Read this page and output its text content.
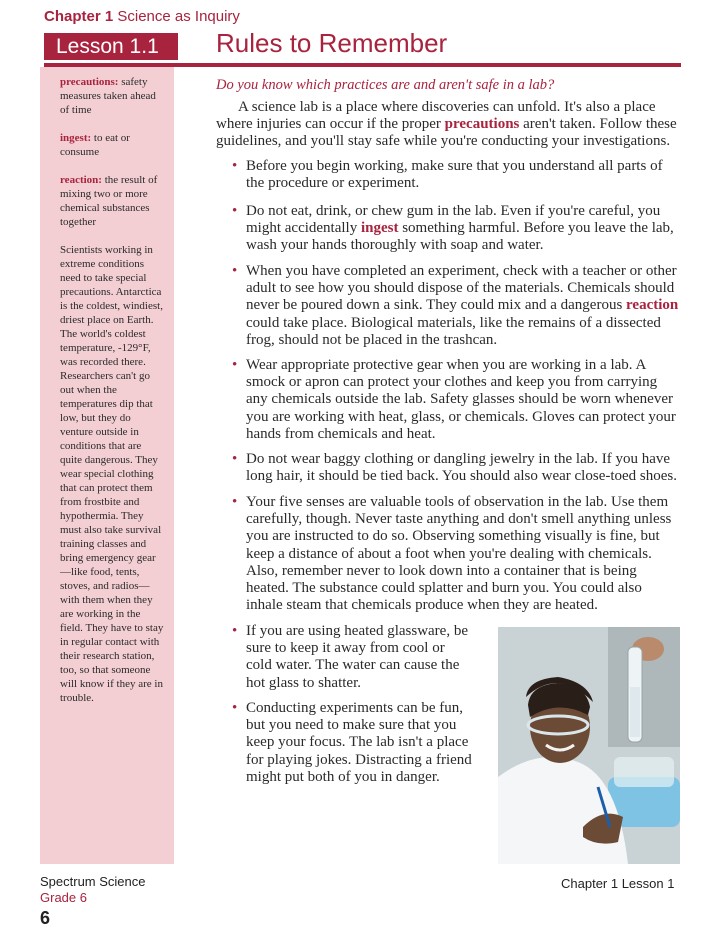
Chapter 1 Science as Inquiry
Lesson 1.1	Rules to Remember
precautions: safety measures taken ahead of time
ingest: to eat or consume
reaction: the result of mixing two or more chemical substances together
Scientists working in extreme conditions need to take special precautions. Antarctica is the coldest, windiest, driest place on Earth. The world's coldest temperature, -129°F, was recorded there. Researchers can't go out when the temperatures dip that low, but they do venture outside in conditions that are quite dangerous. They wear special clothing that can protect them from frostbite and hypothermia. They must also take survival training classes and bring emergency gear—like food, tents, stoves, and radios—with them when they are working in the field. They have to stay in regular contact with their research station, too, so that someone will know if they are in trouble.
Do you know which practices are and aren't safe in a lab?

A science lab is a place where discoveries can unfold. It's also a place where injuries can occur if the proper precautions aren't taken. Follow these guidelines, and you'll stay safe while you're conducting your investigations.

• Before you begin working, make sure that you understand all parts of the procedure or experiment.
• Do not eat, drink, or chew gum in the lab. Even if you're careful, you might accidentally ingest something harmful. Before you leave the lab, wash your hands thoroughly with soap and water.
• When you have completed an experiment, check with a teacher or other adult to see how you should dispose of the materials. Chemicals should never be poured down a sink. They could mix and a dangerous reaction could take place. Biological materials, like the remains of a dissected frog, should not be placed in the trashcan.
• Wear appropriate protective gear when you are working in a lab. A smock or apron can protect your clothes and keep you from carrying any chemicals outside the lab. Safety glasses should be worn whenever you are working with heat, glass, or chemicals. Gloves can protect your hands from chemicals and heat.
• Do not wear baggy clothing or dangling jewelry in the lab. If you have long hair, it should be tied back. You should also wear close-toed shoes.
• Your five senses are valuable tools of observation in the lab. Use them carefully, though. Never taste anything and don't smell anything unless you are instructed to do so. Observing something visually is fine, but keep a distance of about a foot when you're dealing with chemicals. Also, remember never to look down into a container that is being heated. The substance could splatter and burn you. You could also inhale steam that chemicals produce when they are heated.
• If you are using heated glassware, be sure to keep it away from cool or cold water. The water can cause the hot glass to shatter.
• Conducting experiments can be fun, but you need to make sure that you keep your focus. The lab isn't a place for playing jokes. Distracting a friend might put both of you in danger.
Spectrum Science
Grade 6
6
Chapter 1 Lesson 1
